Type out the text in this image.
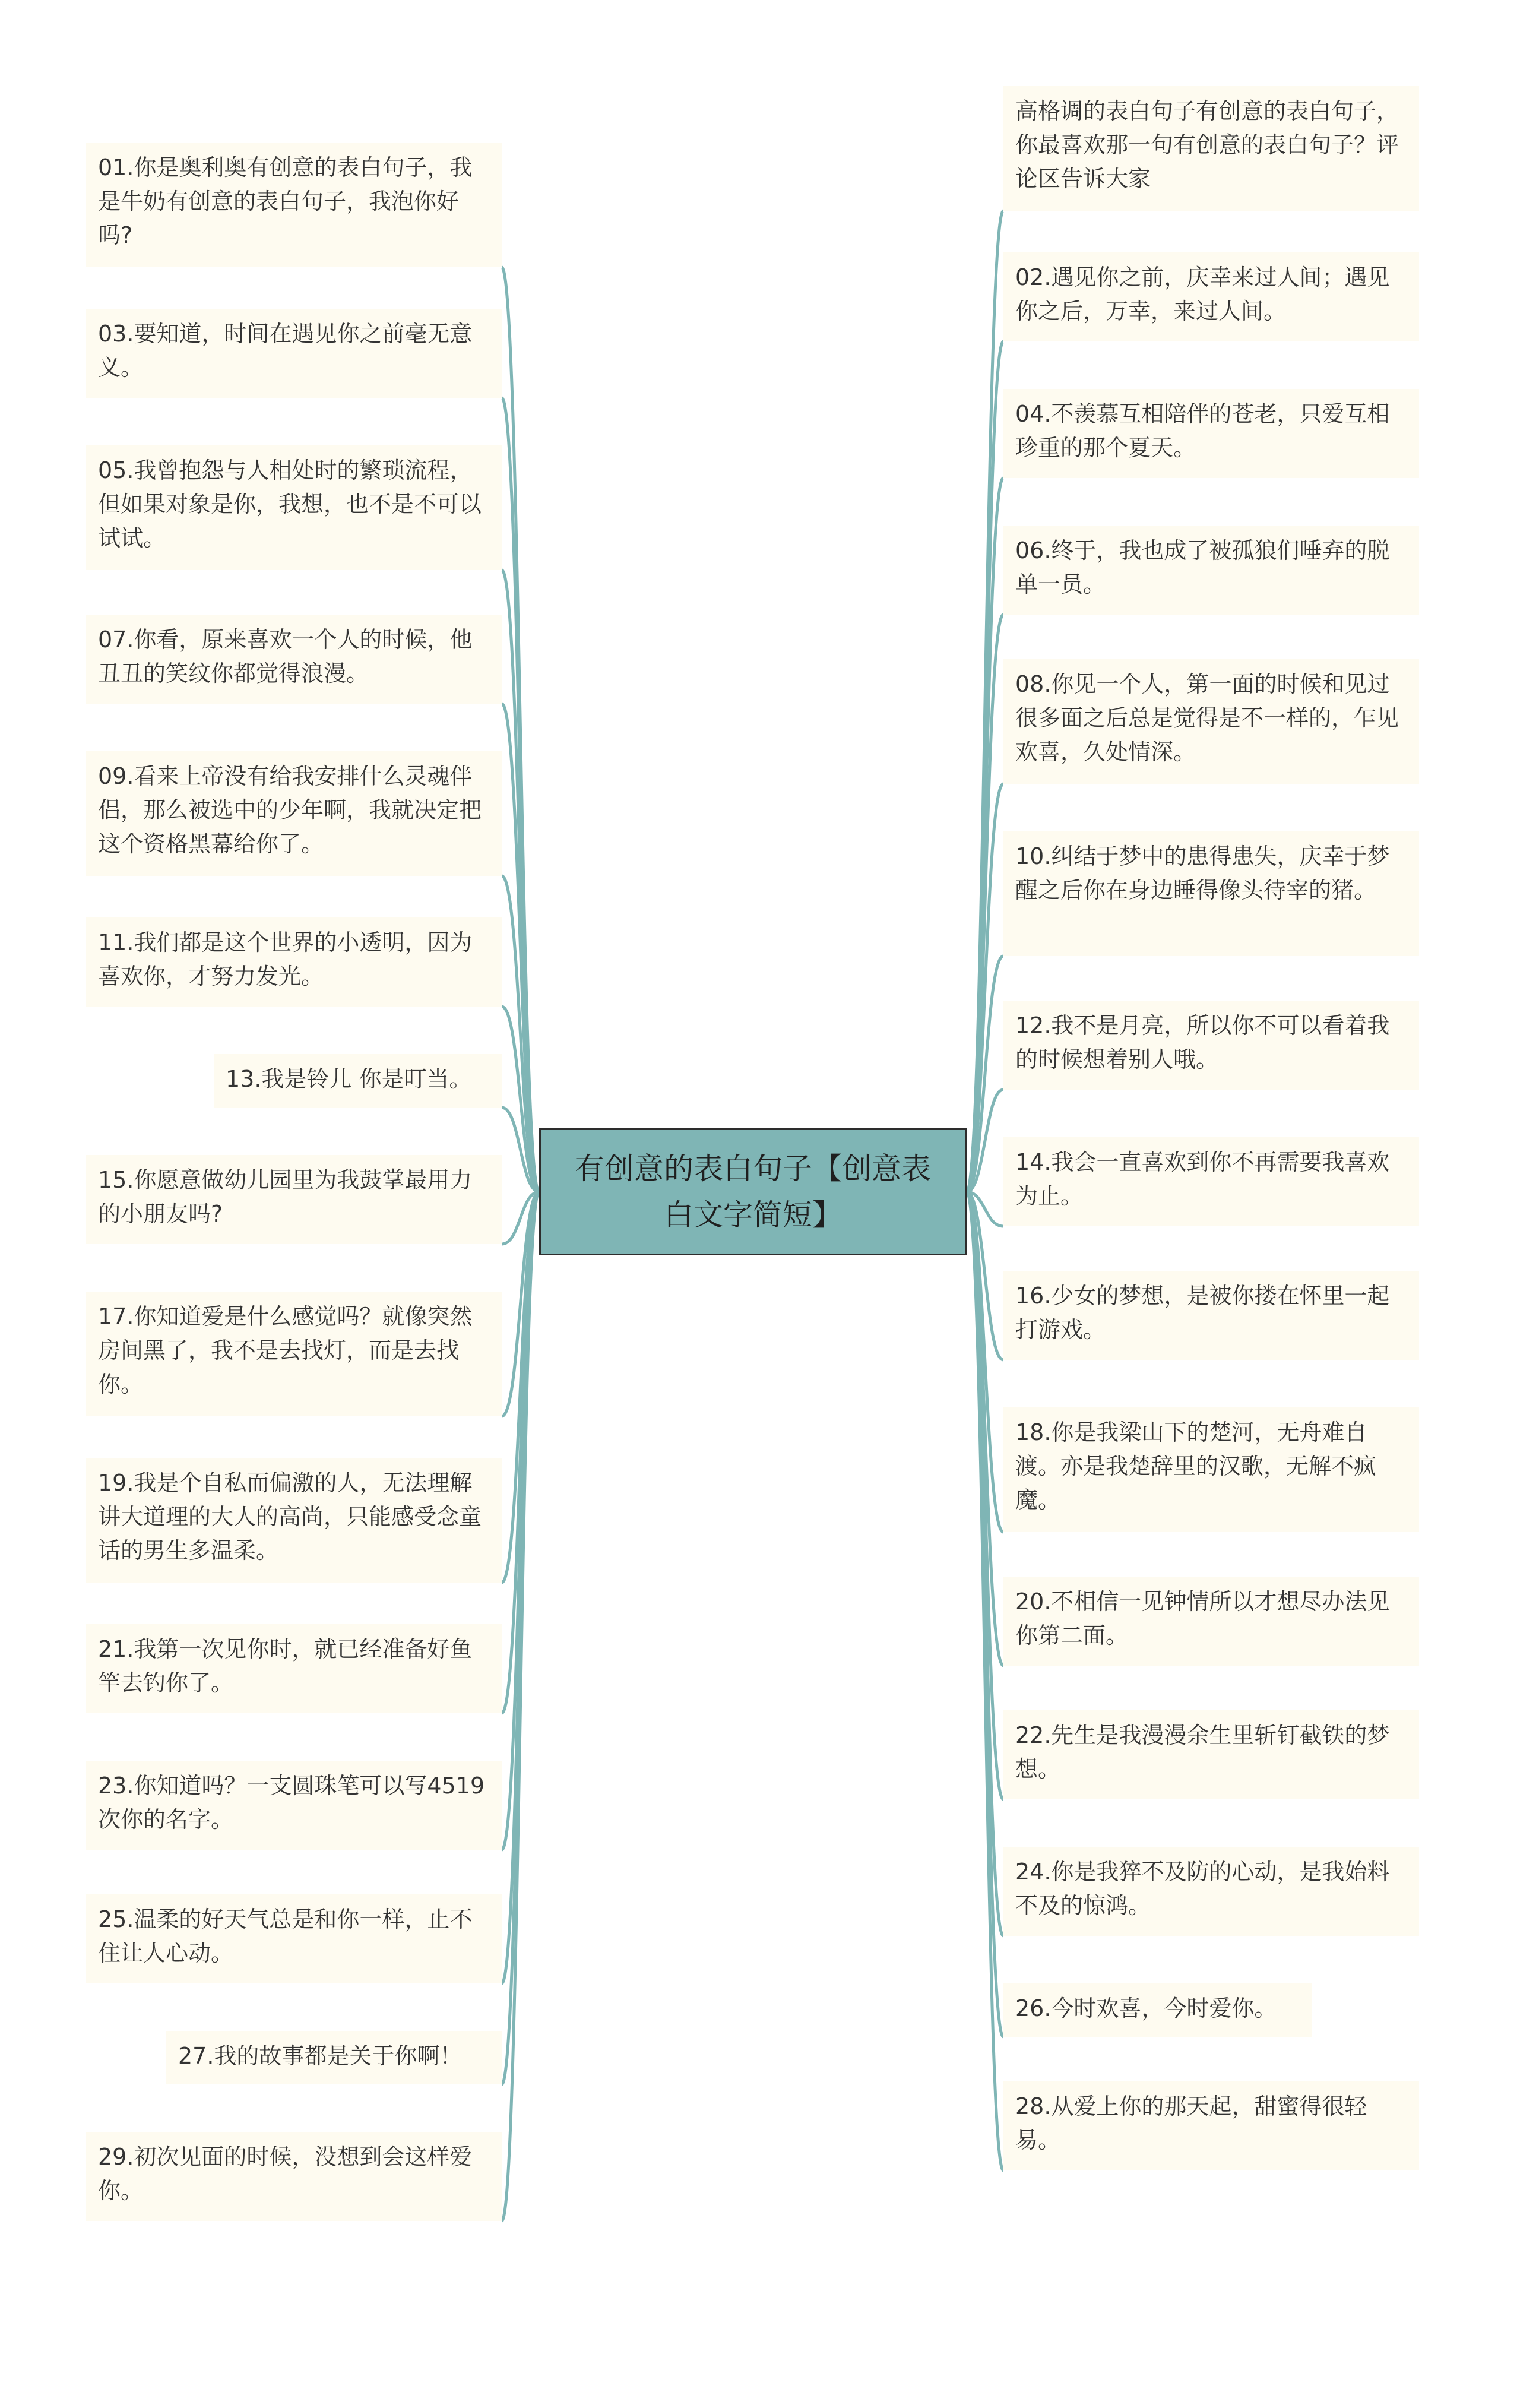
有创意的表白句子【创意表白文字简短】
01.你是奥利奥有创意的表白句子，我是牛奶有创意的表白句子，我泡你好吗?
03.要知道，时间在遇见你之前毫无意义。
05.我曾抱怨与人相处时的繁琐流程，但如果对象是你，我想，也不是不可以试试。
07.你看，原来喜欢一个人的时候，他丑丑的笑纹你都觉得浪漫。
09.看来上帝没有给我安排什么灵魂伴侣，那么被选中的少年啊，我就决定把这个资格黑幕给你了。
11.我们都是这个世界的小透明，因为喜欢你，才努力发光。
13.我是铃儿 你是叮当。
15.你愿意做幼儿园里为我鼓掌最用力的小朋友吗?
17.你知道爱是什么感觉吗？就像突然房间黑了，我不是去找灯，而是去找你。
19.我是个自私而偏激的人，无法理解讲大道理的大人的高尚，只能感受念童话的男生多温柔。
21.我第一次见你时，就已经准备好鱼竿去钓你了。
23.你知道吗？一支圆珠笔可以写4519次你的名字。
25.温柔的好天气总是和你一样，止不住让人心动。
27.我的故事都是关于你啊！
29.初次见面的时候，没想到会这样爱你。
高格调的表白句子有创意的表白句子，你最喜欢那一句有创意的表白句子？评论区告诉大家
02.遇见你之前，庆幸来过人间；遇见你之后，万幸，来过人间。
04.不羡慕互相陪伴的苍老，只爱互相珍重的那个夏天。
06.终于，我也成了被孤狼们唾弃的脱单一员。
08.你见一个人，第一面的时候和见过很多面之后总是觉得是不一样的，乍见欢喜，久处情深。
10.纠结于梦中的患得患失，庆幸于梦醒之后你在身边睡得像头待宰的猪。
12.我不是月亮，所以你不可以看着我的时候想着别人哦。
14.我会一直喜欢到你不再需要我喜欢为止。
16.少女的梦想，是被你搂在怀里一起打游戏。
18.你是我梁山下的楚河，无舟难自渡。亦是我楚辞里的汉歌，无解不疯魔。
20.不相信一见钟情所以才想尽办法见你第二面。
22.先生是我漫漫余生里斩钉截铁的梦想。
24.你是我猝不及防的心动，是我始料不及的惊鸿。
26.今时欢喜，今时爱你。
28.从爱上你的那天起，甜蜜得很轻易。
